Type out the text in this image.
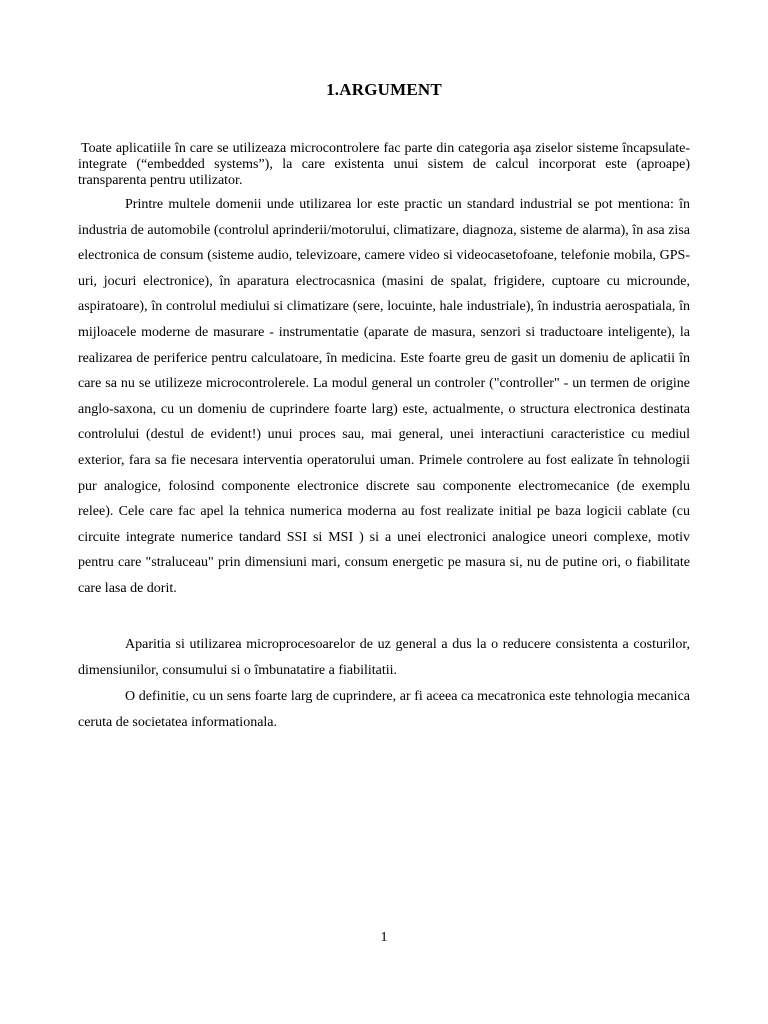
1.ARGUMENT

Toate aplicatiile în care se utilizeaza microcontrolere fac parte din categoria aşa ziselor sisteme încapsulate-integrate (“embedded systems”), la care existenta unui sistem de calcul incorporat este (aproape) transparenta pentru utilizator.

Printre multele domenii unde utilizarea lor este practic un standard industrial se pot mentiona: în industria de automobile (controlul aprinderii/motorului, climatizare, diagnoza, sisteme de alarma), în asa zisa electronica de consum (sisteme audio, televizoare, camere video si videocasetofoane, telefonie mobila, GPS-uri, jocuri electronice), în aparatura electrocasnica (masini de spalat, frigidere, cuptoare cu microunde, aspiratoare), în controlul mediului si climatizare (sere, locuinte, hale industriale), în industria aerospatiala, în mijloacele moderne de masurare - instrumentatie (aparate de masura, senzori si traductoare inteligente), la realizarea de periferice pentru calculatoare, în medicina. Este foarte greu de gasit un domeniu de aplicatii în care sa nu se utilizeze microcontrolerele. La modul general un controler ("controller" - un termen de origine anglo-saxona, cu un domeniu de cuprindere foarte larg) este, actualmente, o structura electronica destinata controlului (destul de evident!) unui proces sau, mai general, unei interactiuni caracteristice cu mediul exterior, fara sa fie necesara interventia operatorului uman. Primele controlere au fost ealizate în tehnologii pur analogice, folosind componente electronice discrete sau componente electromecanice (de exemplu relee). Cele care fac apel la tehnica numerica moderna au fost realizate initial pe baza logicii cablate (cu circuite integrate numerice tandard SSI si MSI ) si a unei electronici analogice uneori complexe, motiv pentru care "straluceau" prin dimensiuni mari, consum energetic pe masura si, nu de putine ori, o fiabilitate care lasa de dorit.

Aparitia si utilizarea microprocesoarelor de uz general a dus la o reducere consistenta a costurilor, dimensiunilor, consumului si o îmbunatatire a fiabilitatii.

O definitie, cu un sens foarte larg de cuprindere, ar fi aceea ca mecatronica este tehnologia mecanica ceruta de societatea informationala.

1
